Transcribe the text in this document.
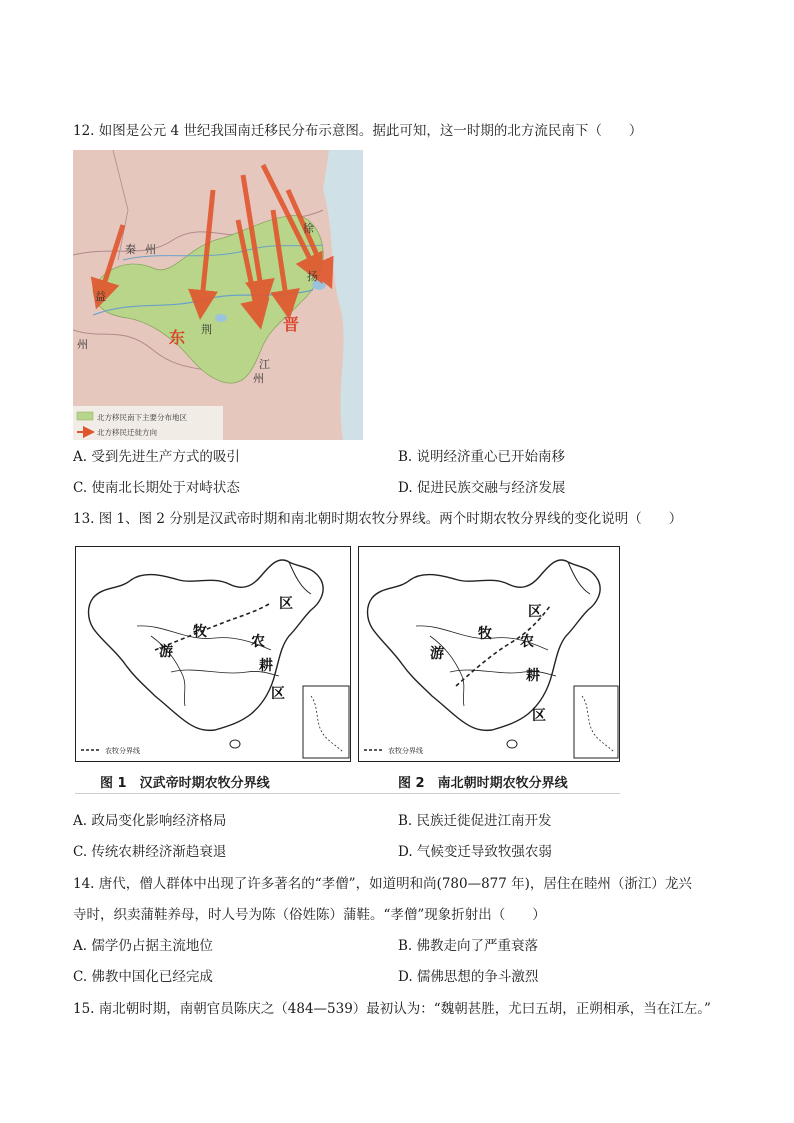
12. 如图是公元 4 世纪我国南迁移民分布示意图。据此可知，这一时期的北方流民南下（　　）
秦 州
益
州	东 荆	晋
江
州
徐
扬
北方移民南下主要分布地区
北方移民迁徙方向
A. 受到先进生产方式的吸引	B. 说明经济重心已开始南移
C. 使南北长期处于对峙状态	D. 促进民族交融与经济发展
13. 图 1、图 2 分别是汉武帝时期和南北朝时期农牧分界线。两个时期农牧分界线的变化说明（　　）
农牧分界线
区
牧
游
农
耕
区
农牧分界线
区
牧
游
农
耕
区
图 1　汉武帝时期农牧分界线	图 2　南北朝时期农牧分界线
A. 政局变化影响经济格局	B. 民族迁徙促进江南开发
C. 传统农耕经济渐趋衰退	D. 气候变迁导致牧强农弱
14. 唐代，僧人群体中出现了许多著名的“孝僧”，如道明和尚(780—877 年)，居住在睦州（浙江）龙兴
寺时，织卖蒲鞋养母，时人号为陈（俗姓陈）蒲鞋。“孝僧”现象折射出（　　）
A. 儒学仍占据主流地位	B. 佛教走向了严重衰落
C. 佛教中国化已经完成	D. 儒佛思想的争斗激烈
15. 南北朝时期，南朝官员陈庆之（484—539）最初认为：“魏朝甚胜，尤曰五胡，正朔相承，当在江左。”
